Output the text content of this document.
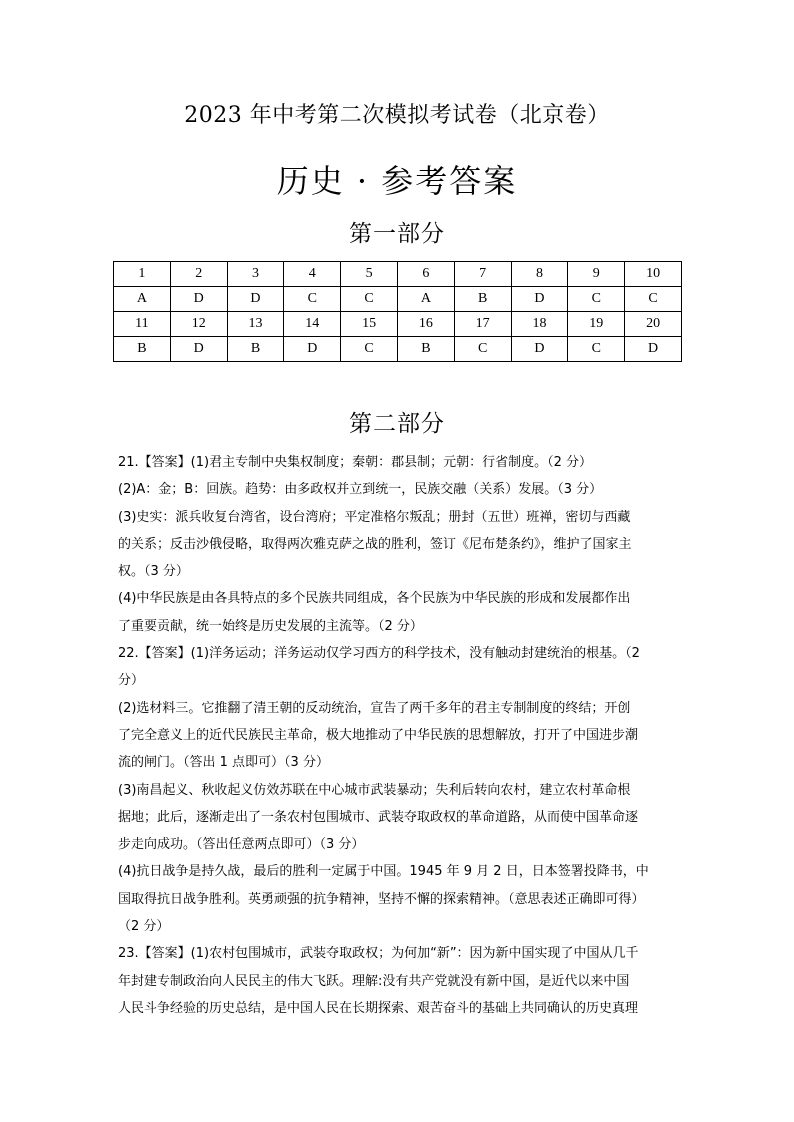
2023 年中考第二次模拟考试卷（北京卷）
历史 · 参考答案
第一部分
1	2	3	4	5	6	7	8	9	10
A	D	D	C	C	A	B	D	C	C
11	12	13	14	15	16	17	18	19	20
B	D	B	D	C	B	C	D	C	D
第二部分
21.【答案】(1)君主专制中央集权制度；秦朝：郡县制；元朝：行省制度。（2 分）
(2)A：金；B：回族。趋势：由多政权并立到统一，民族交融（关系）发展。（3 分）
(3)史实：派兵收复台湾省，设台湾府；平定准格尔叛乱；册封（五世）班禅，密切与西藏
的关系；反击沙俄侵略，取得两次雅克萨之战的胜利，签订《尼布楚条约》，维护了国家主
权。（3 分）
(4)中华民族是由各具特点的多个民族共同组成，各个民族为中华民族的形成和发展都作出
了重要贡献，统一始终是历史发展的主流等。（2 分）
22.【答案】(1)洋务运动；洋务运动仅学习西方的科学技术，没有触动封建统治的根基。（2
分）
(2)选材料三。它推翻了清王朝的反动统治，宣告了两千多年的君主专制制度的终结；开创
了完全意义上的近代民族民主革命，极大地推动了中华民族的思想解放，打开了中国进步潮
流的闸门。（答出 1 点即可）（3 分）
(3)南昌起义、秋收起义仿效苏联在中心城市武装暴动；失利后转向农村，建立农村革命根
据地；此后，逐渐走出了一条农村包围城市、武装夺取政权的革命道路，从而使中国革命逐
步走向成功。（答出任意两点即可）（3 分）
(4)抗日战争是持久战，最后的胜利一定属于中国。1945 年 9 月 2 日，日本签署投降书，中
国取得抗日战争胜利。英勇顽强的抗争精神，坚持不懈的探索精神。（意思表述正确即可得）
（2 分）
23.【答案】(1)农村包围城市，武装夺取政权；为何加“新”：因为新中国实现了中国从几千
年封建专制政治向人民民主的伟大飞跃。理解:没有共产党就没有新中国，是近代以来中国
人民斗争经验的历史总结，是中国人民在长期探索、艰苦奋斗的基础上共同确认的历史真理
